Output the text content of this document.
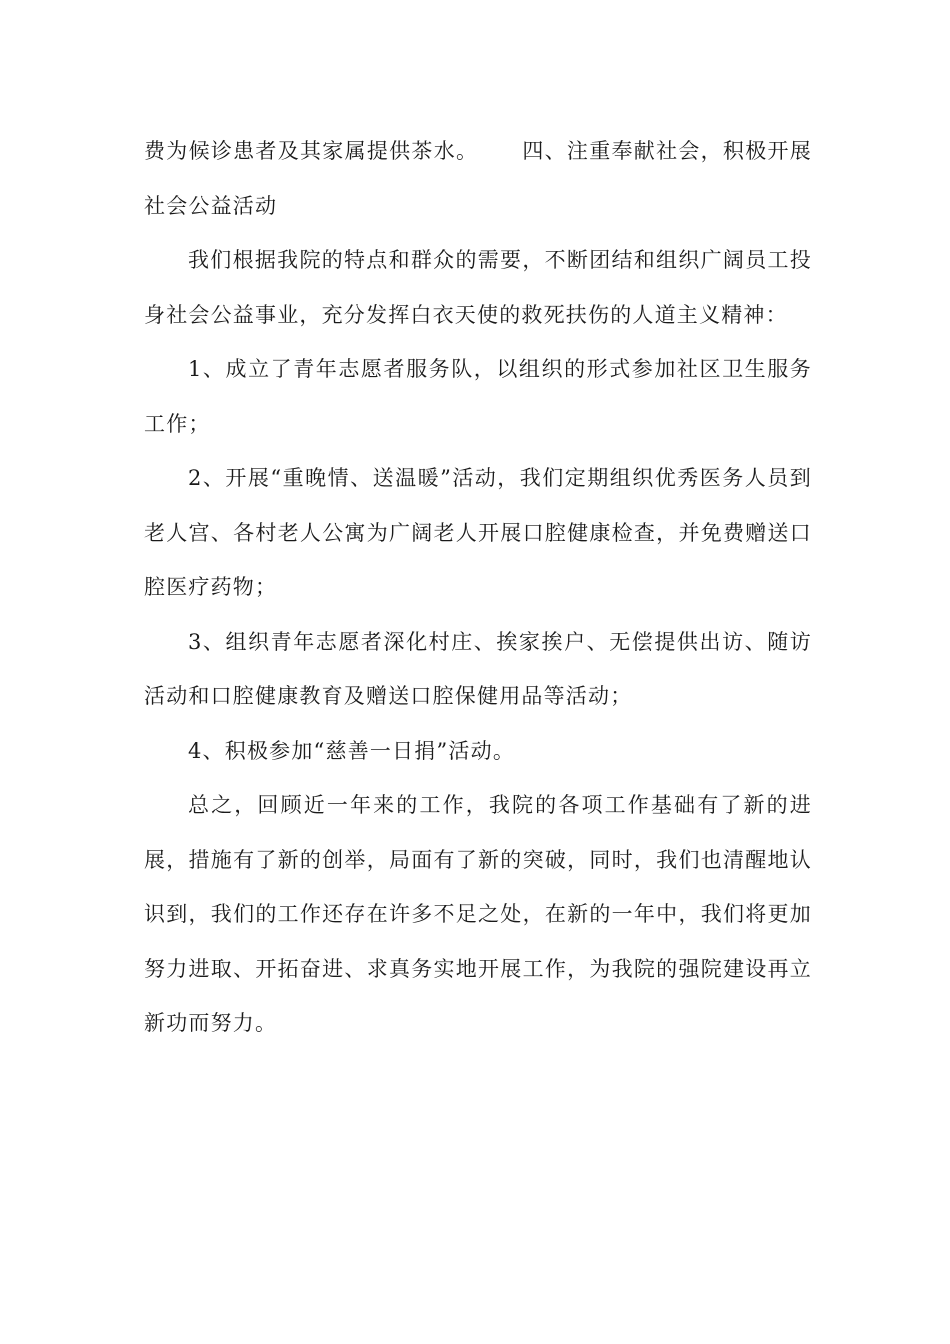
费为候诊患者及其家属提供茶水。 四、注重奉献社会，积极开展社会公益活动

我们根据我院的特点和群众的需要，不断团结和组织广阔员工投身社会公益事业，充分发挥白衣天使的救死扶伤的人道主义精神：

1、成立了青年志愿者服务队，以组织的形式参加社区卫生服务工作；

2、开展“重晚情、送温暖”活动，我们定期组织优秀医务人员到老人宫、各村老人公寓为广阔老人开展口腔健康检查，并免费赠送口腔医疗药物；

3、组织青年志愿者深化村庄、挨家挨户、无偿提供出访、随访活动和口腔健康教育及赠送口腔保健用品等活动；

4、积极参加“慈善一日捐”活动。

总之，回顾近一年来的工作，我院的各项工作基础有了新的进展，措施有了新的创举，局面有了新的突破，同时，我们也清醒地认识到，我们的工作还存在许多不足之处，在新的一年中，我们将更加努力进取、开拓奋进、求真务实地开展工作，为我院的强院建设再立新功而努力。
